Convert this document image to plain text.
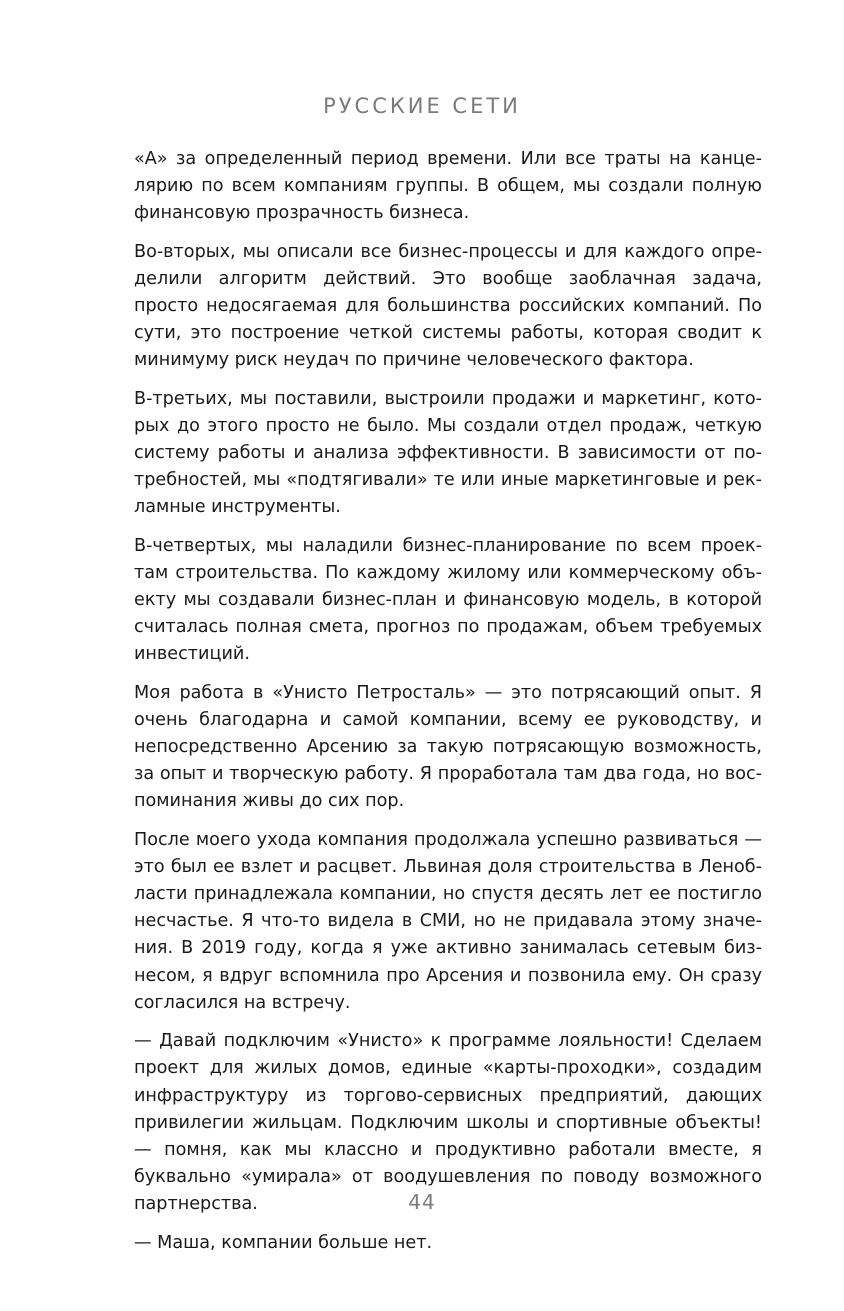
РУССКИЕ СЕТИ

«А» за определенный период времени. Или все траты на канцелярию по всем компаниям группы. В общем, мы создали полную финансовую прозрачность бизнеса.

Во-вторых, мы описали все бизнес-процессы и для каждого определили алгоритм действий. Это вообще заоблачная задача, просто недосягаемая для большинства российских компаний. По сути, это построение четкой системы работы, которая сводит к минимуму риск неудач по причине человеческого фактора.

В-третьих, мы поставили, выстроили продажи и маркетинг, которых до этого просто не было. Мы создали отдел продаж, четкую систему работы и анализа эффективности. В зависимости от потребностей, мы «подтягивали» те или иные маркетинговые и рекламные инструменты.

В-четвертых, мы наладили бизнес-планирование по всем проектам строительства. По каждому жилому или коммерческому объекту мы создавали бизнес-план и финансовую модель, в которой считалась полная смета, прогноз по продажам, объем требуемых инвестиций.

Моя работа в «Унисто Петросталь» — это потрясающий опыт. Я очень благодарна и самой компании, всему ее руководству, и непосредственно Арсению за такую потрясающую возможность, за опыт и творческую работу. Я проработала там два года, но воспоминания живы до сих пор.

После моего ухода компания продолжала успешно развиваться — это был ее взлет и расцвет. Львиная доля строительства в Ленобласти принадлежала компании, но спустя десять лет ее постигло несчастье. Я что-то видела в СМИ, но не придавала этому значения. В 2019 году, когда я уже активно занималась сетевым бизнесом, я вдруг вспомнила про Арсения и позвонила ему. Он сразу согласился на встречу.

— Давай подключим «Унисто» к программе лояльности! Сделаем проект для жилых домов, единые «карты-проходки», создадим инфраструктуру из торгово-сервисных предприятий, дающих привилегии жильцам. Подключим школы и спортивные объекты! — помня, как мы классно и продуктивно работали вместе, я буквально «умирала» от воодушевления по поводу возможного партнерства.

— Маша, компании больше нет.

44
